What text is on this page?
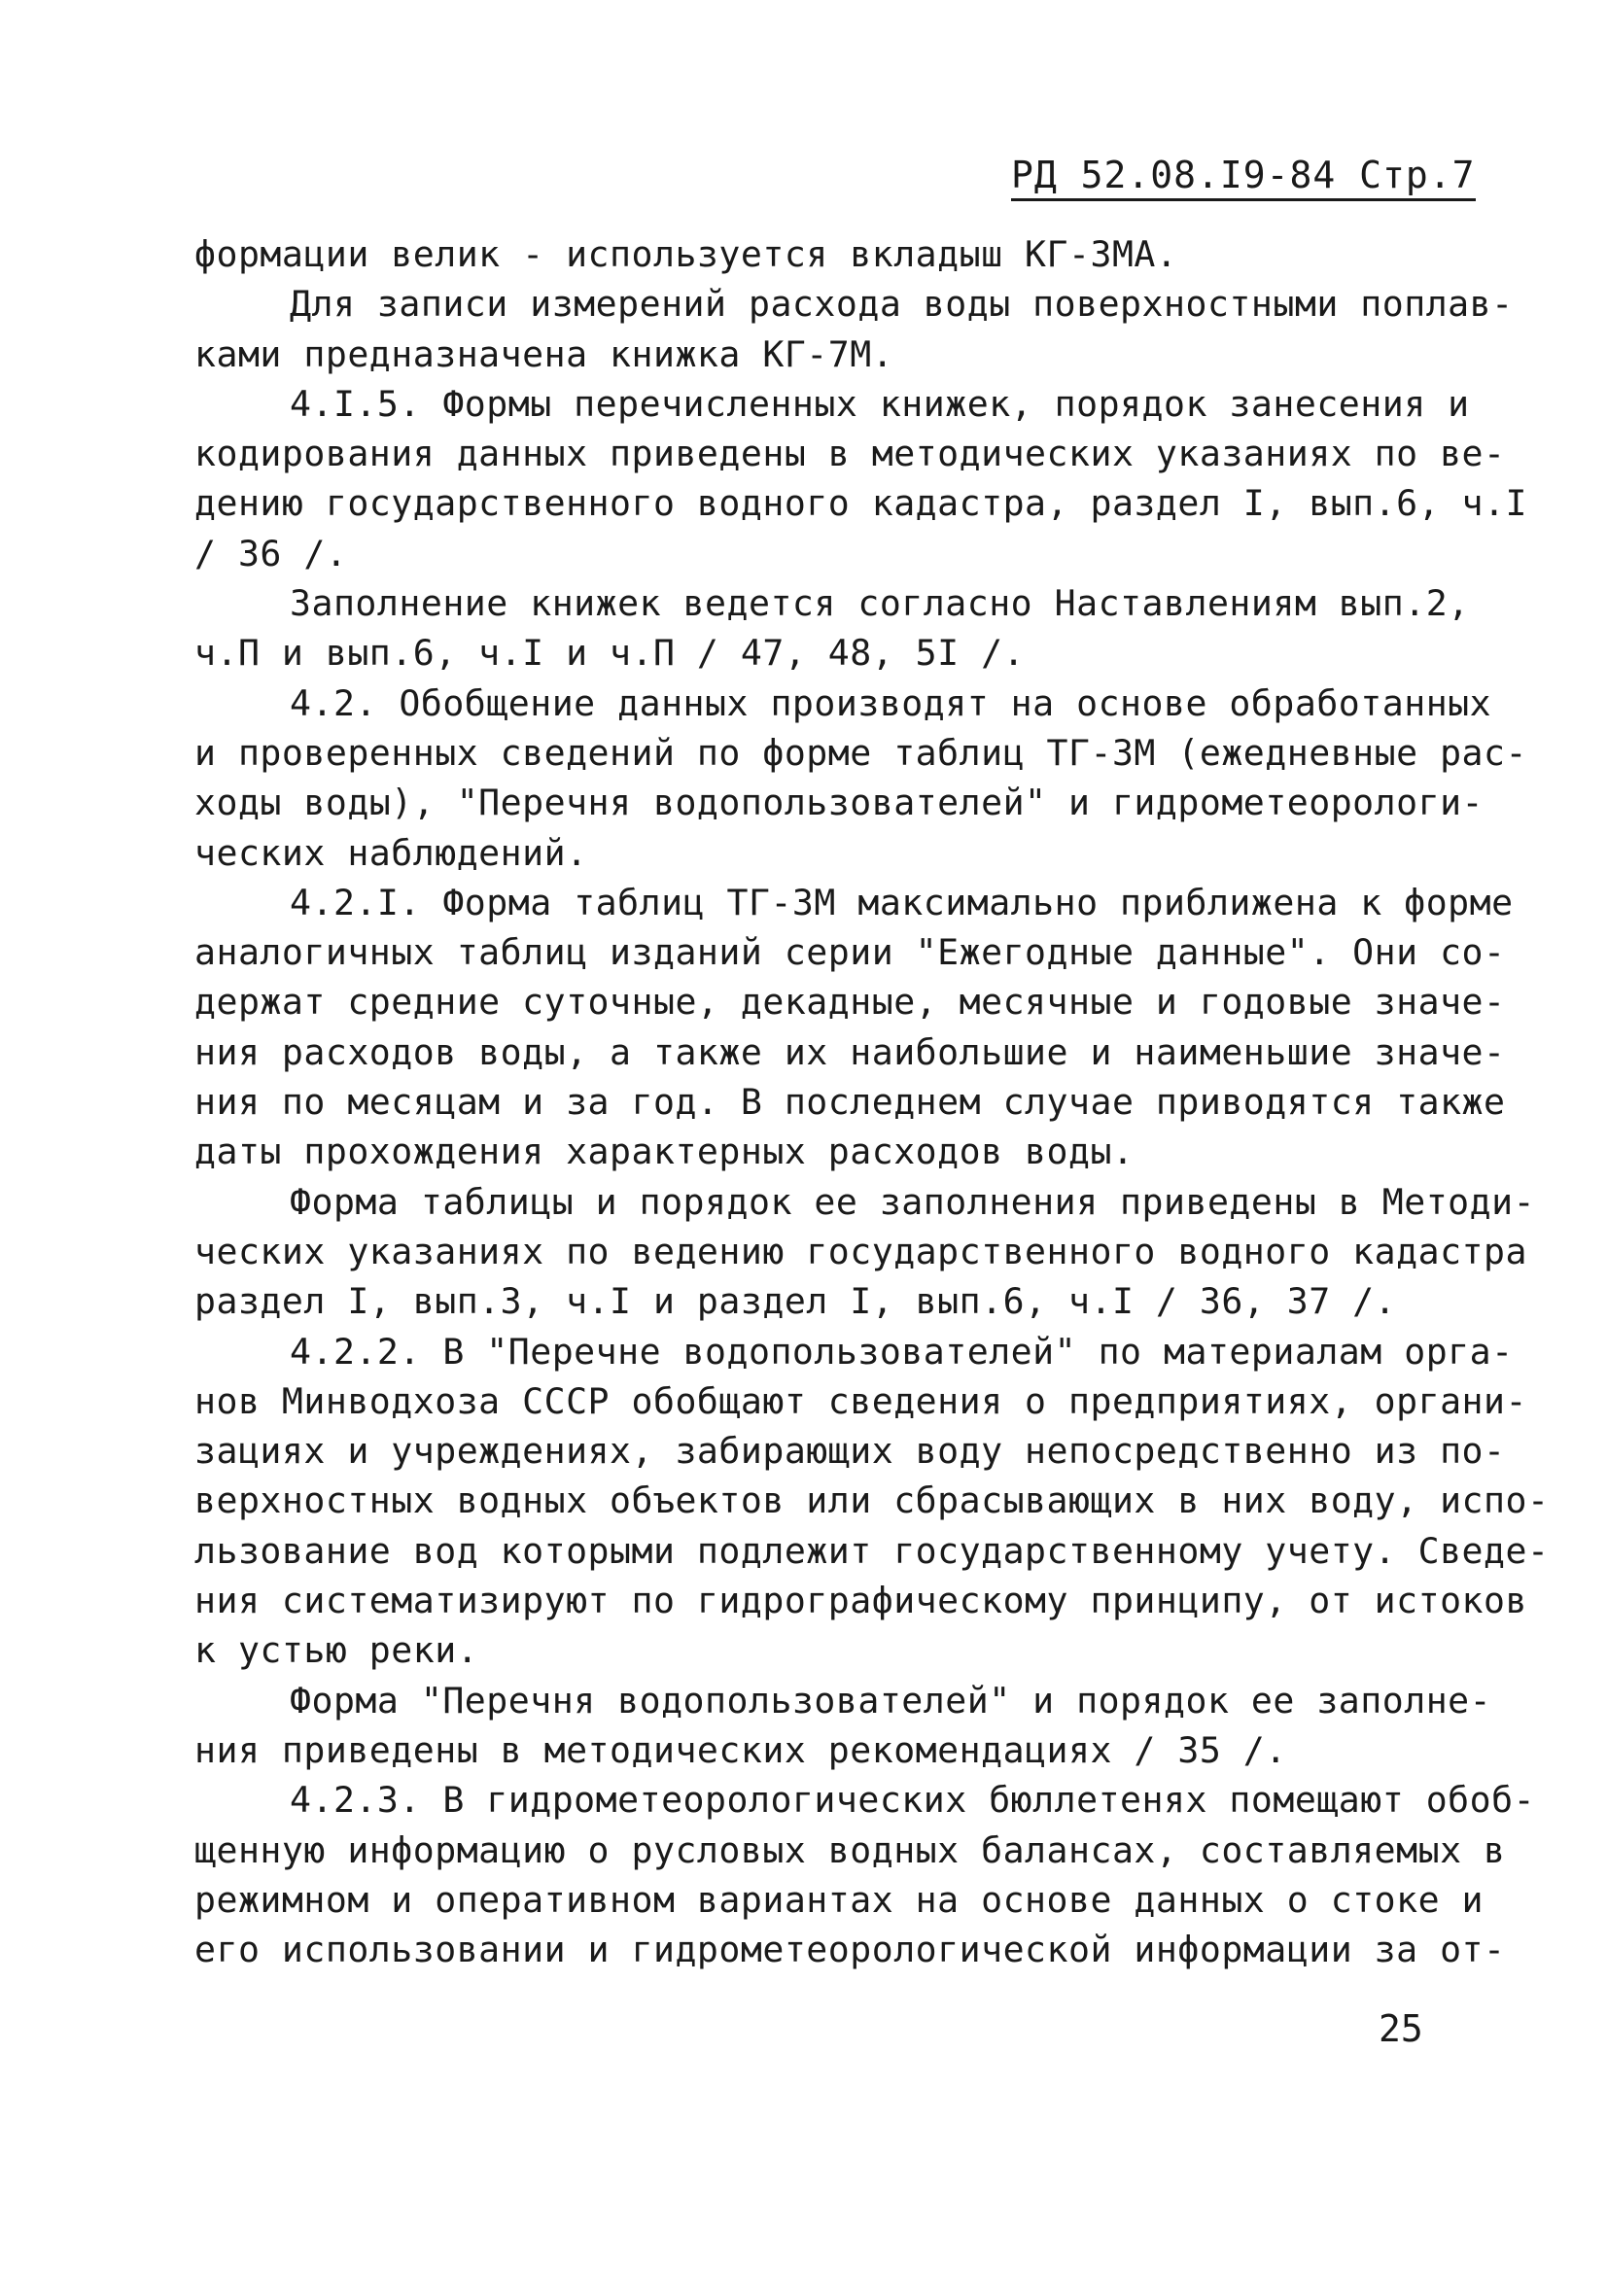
РД 52.08.I9-84 Стр.7
формации велик - используется вкладыш КГ-3МА.
Для записи измерений расхода воды поверхностными поплав-
ками предназначена книжка КГ-7М.
4.I.5. Формы перечисленных книжек, порядок занесения и
кодирования данных приведены в методических указаниях по ве-
дению государственного водного кадастра, раздел I, вып.6, ч.I
/ 36 /.
Заполнение книжек ведется согласно Наставлениям вып.2,
ч.П и вып.6, ч.I и ч.П / 47, 48, 5I /.
4.2. Обобщение данных производят на основе обработанных
и проверенных сведений по форме таблиц ТГ-3М (ежедневные рас-
ходы воды), "Перечня водопользователей" и гидрометеорологи-
ческих наблюдений.
4.2.I. Форма таблиц ТГ-3М максимально приближена к форме
аналогичных таблиц изданий серии "Ежегодные данные". Они со-
держат средние суточные, декадные, месячные и годовые значе-
ния расходов воды, а также их наибольшие и наименьшие значе-
ния по месяцам и за год. В последнем случае приводятся также
даты прохождения характерных расходов воды.
Форма таблицы и порядок ее заполнения приведены в Методи-
ческих указаниях по ведению государственного водного кадастра
раздел I, вып.3, ч.I и раздел I, вып.6, ч.I / 36, 37 /.
4.2.2. В "Перечне водопользователей" по материалам орга-
нов Минводхоза СССР обобщают сведения о предприятиях, органи-
зациях и учреждениях, забирающих воду непосредственно из по-
верхностных водных объектов или сбрасывающих в них воду, испо-
льзование вод которыми подлежит государственному учету. Сведе-
ния систематизируют по гидрографическому принципу, от истоков
к устью реки.
Форма "Перечня водопользователей" и порядок ее заполне-
ния приведены в методических рекомендациях / 35 /.
4.2.3. В гидрометеорологических бюллетенях помещают обоб-
щенную информацию о русловых водных балансах, составляемых в
режимном и оперативном вариантах на основе данных о стоке и
его использовании и гидрометеорологической информации за от-
25
